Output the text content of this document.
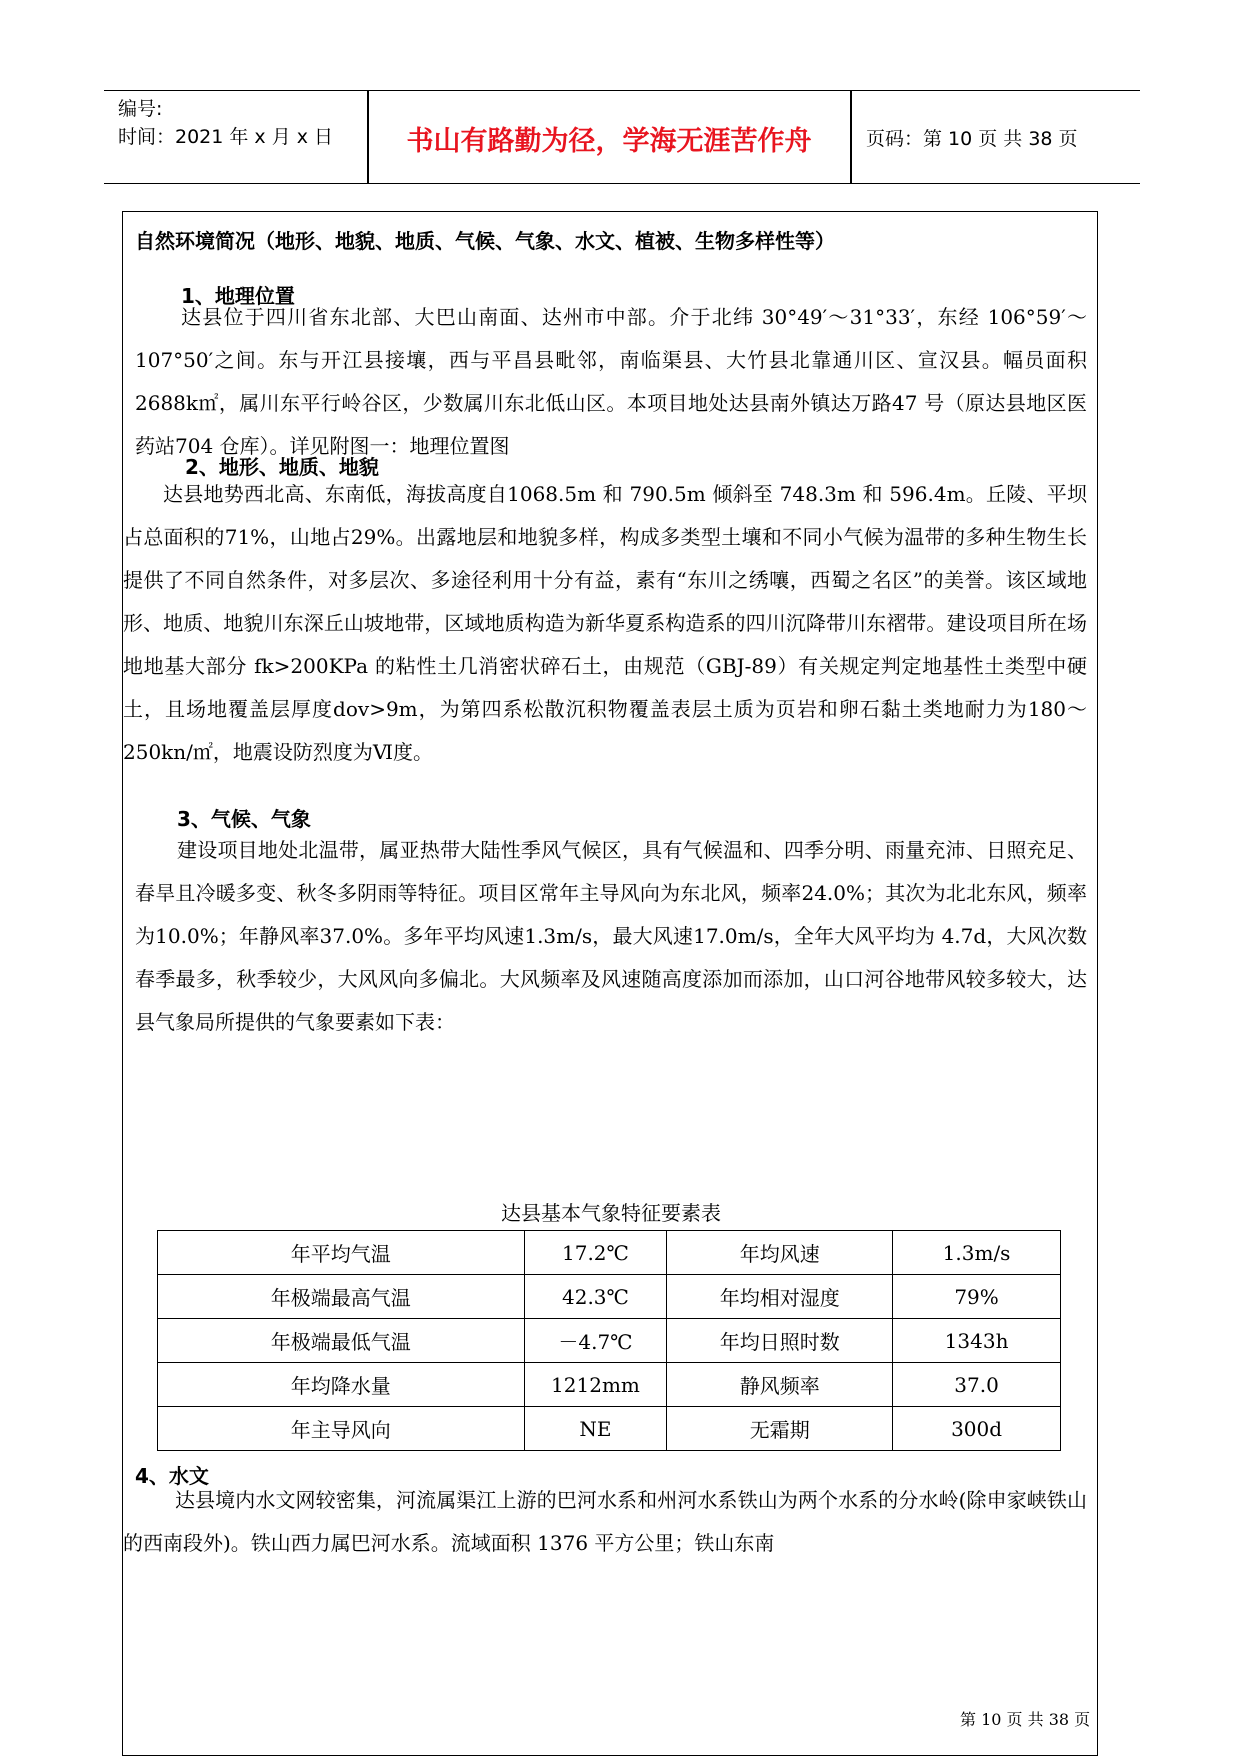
编号:
时间：2021 年 x 月 x 日	书山有路勤为径，学海无涯苦作舟	页码：第 10 页 共 38 页
自然环境简况（地形、地貌、地质、气候、气象、水文、植被、生物多样性等）
1、地理位置
达县位于四川省东北部、大巴山南面、达州市中部。介于北纬 30°49′～31°33′，东经 106°59′～107°50′之间。东与开江县接壤，西与平昌县毗邻，南临渠县、大竹县北靠通川区、宣汉县。幅员面积 2688k㎡，属川东平行岭谷区，少数属川东北低山区。本项目地处达县南外镇达万路47 号（原达县地区医药站704 仓库）。详见附图一：地理位置图
2、地形、地质、地貌
达县地势西北高、东南低，海拔高度自1068.5m 和 790.5m 倾斜至 748.3m 和 596.4m。丘陵、平坝占总面积的71%，山地占29%。出露地层和地貌多样，构成多类型土壤和不同小气候为温带的多种生物生长提供了不同自然条件，对多层次、多途径利用十分有益，素有“东川之绣嚷，西蜀之名区”的美誉。该区域地形、地质、地貌川东深丘山坡地带，区域地质构造为新华夏系构造系的四川沉降带川东褶带。建设项目所在场地地基大部分 fk>200KPa 的粘性土几消密状碎石土，由规范（GBJ-89）有关规定判定地基性土类型中硬土，且场地覆盖层厚度dov>9m，为第四系松散沉积物覆盖表层土质为页岩和卵石黏土类地耐力为180～250kn/㎡，地震设防烈度为Ⅵ度。
3、气候、气象
建设项目地处北温带，属亚热带大陆性季风气候区，具有气候温和、四季分明、雨量充沛、日照充足、春旱且冷暖多变、秋冬多阴雨等特征。项目区常年主导风向为东北风，频率24.0%；其次为北北东风，频率为10.0%；年静风率37.0%。多年平均风速1.3m/s，最大风速17.0m/s，全年大风平均为 4.7d，大风次数春季最多，秋季较少，大风风向多偏北。大风频率及风速随高度添加而添加，山口河谷地带风较多较大，达县气象局所提供的气象要素如下表：
达县基本气象特征要素表
年平均气温	17.2℃	年均风速	1.3m/s
年极端最高气温	42.3℃	年均相对湿度	79%
年极端最低气温	－4.7℃	年均日照时数	1343h
年均降水量	1212mm	静风频率	37.0
年主导风向	NE	无霜期	300d
4、水文
达县境内水文网较密集，河流属渠江上游的巴河水系和州河水系铁山为两个水系的分水岭(除申家峡铁山的西南段外)。铁山西力属巴河水系。流域面积 1376 平方公里；铁山东南
第 10 页 共 38 页
